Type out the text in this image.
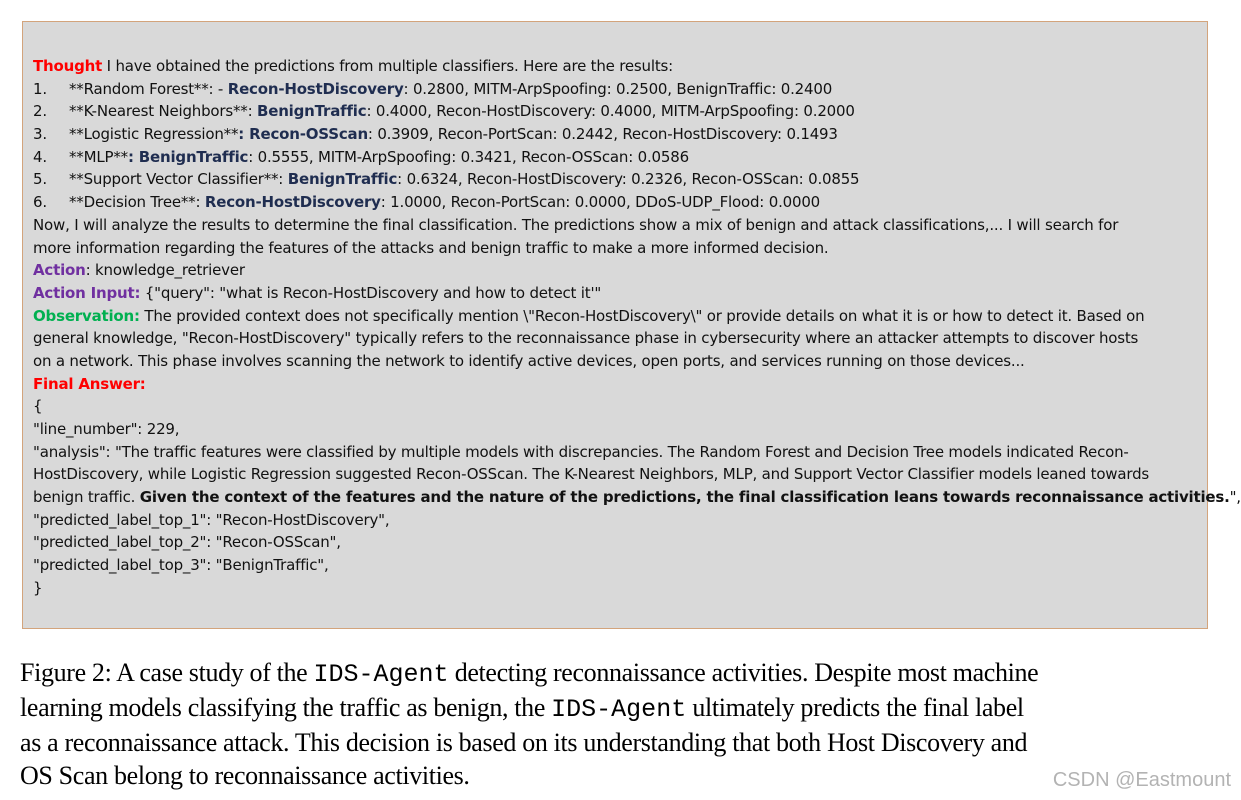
Thought I have obtained the predictions from multiple classifiers. Here are the results:
1. **Random Forest**: - Recon-HostDiscovery: 0.2800, MITM-ArpSpoofing: 0.2500, BenignTraffic: 0.2400
2. **K-Nearest Neighbors**: BenignTraffic: 0.4000, Recon-HostDiscovery: 0.4000, MITM-ArpSpoofing: 0.2000
3. **Logistic Regression**: Recon-OSScan: 0.3909, Recon-PortScan: 0.2442, Recon-HostDiscovery: 0.1493
4. **MLP**: BenignTraffic: 0.5555, MITM-ArpSpoofing: 0.3421, Recon-OSScan: 0.0586
5. **Support Vector Classifier**: BenignTraffic: 0.6324, Recon-HostDiscovery: 0.2326, Recon-OSScan: 0.0855
6. **Decision Tree**: Recon-HostDiscovery: 1.0000, Recon-PortScan: 0.0000, DDoS-UDP_Flood: 0.0000
Now, I will analyze the results to determine the final classification. The predictions show a mix of benign and attack classifications,... I will search for
more information regarding the features of the attacks and benign traffic to make a more informed decision.
Action: knowledge_retriever
Action Input: {"query": "what is Recon-HostDiscovery and how to detect it'"
Observation: The provided context does not specifically mention \"Recon-HostDiscovery\" or provide details on what it is or how to detect it. Based on
general knowledge, "Recon-HostDiscovery" typically refers to the reconnaissance phase in cybersecurity where an attacker attempts to discover hosts
on a network. This phase involves scanning the network to identify active devices, open ports, and services running on those devices...
Final Answer:
{
"line_number": 229,
"analysis": "The traffic features were classified by multiple models with discrepancies. The Random Forest and Decision Tree models indicated Recon-
HostDiscovery, while Logistic Regression suggested Recon-OSScan. The K-Nearest Neighbors, MLP, and Support Vector Classifier models leaned towards
benign traffic. Given the context of the features and the nature of the predictions, the final classification leans towards reconnaissance activities.",
"predicted_label_top_1": "Recon-HostDiscovery",
"predicted_label_top_2": "Recon-OSScan",
"predicted_label_top_3": "BenignTraffic",
}
Figure 2: A case study of the IDS-Agent detecting reconnaissance activities. Despite most machine
learning models classifying the traffic as benign, the IDS-Agent ultimately predicts the final label
as a reconnaissance attack. This decision is based on its understanding that both Host Discovery and
OS Scan belong to reconnaissance activities.	CSDN @Eastmount
